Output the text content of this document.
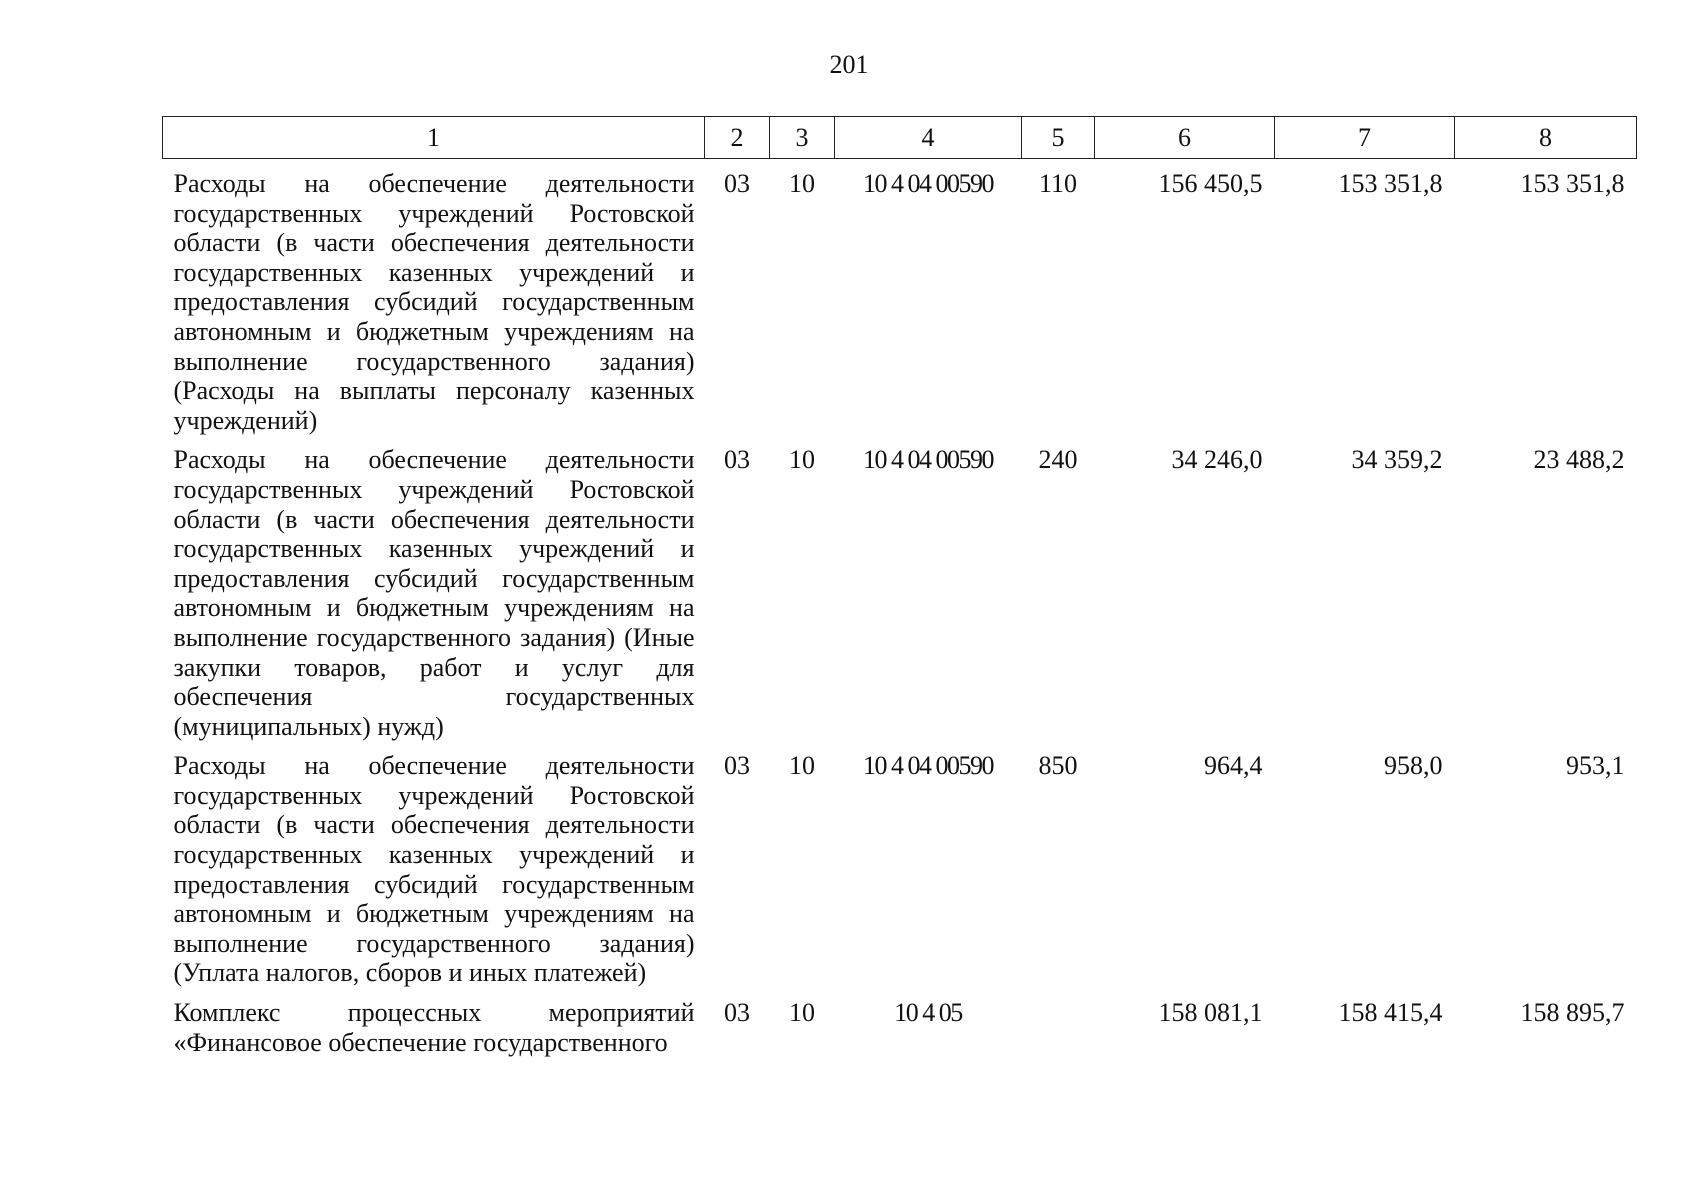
201
1	2	3	4	5	6	7	8
Расходы на обеспечение деятельности государственных учреждений Ростовской области (в части обеспечения деятельности государственных казенных учреждений и предоставления субсидий государственным автономным и бюджетным учреждениям на выполнение государственного задания) (Расходы на выплаты персоналу казенных учреждений)	03	10	10 4 04 00590	110	156 450,5	153 351,8	153 351,8
Расходы на обеспечение деятельности государственных учреждений Ростовской области (в части обеспечения деятельности государственных казенных учреждений и предоставления субсидий государственным автономным и бюджетным учреждениям на выполнение государственного задания) (Иные закупки товаров, работ и услуг для обеспечения государственных (муниципальных) нужд)	03	10	10 4 04 00590	240	34 246,0	34 359,2	23 488,2
Расходы на обеспечение деятельности государственных учреждений Ростовской области (в части обеспечения деятельности государственных казенных учреждений и предоставления субсидий государственным автономным и бюджетным учреждениям на выполнение государственного задания) (Уплата налогов, сборов и иных платежей)	03	10	10 4 04 00590	850	964,4	958,0	953,1

Комплекс процессных мероприятий «Финансовое обеспечение государственного	03	10	10 4 05		158 081,1	158 415,4	158 895,7
